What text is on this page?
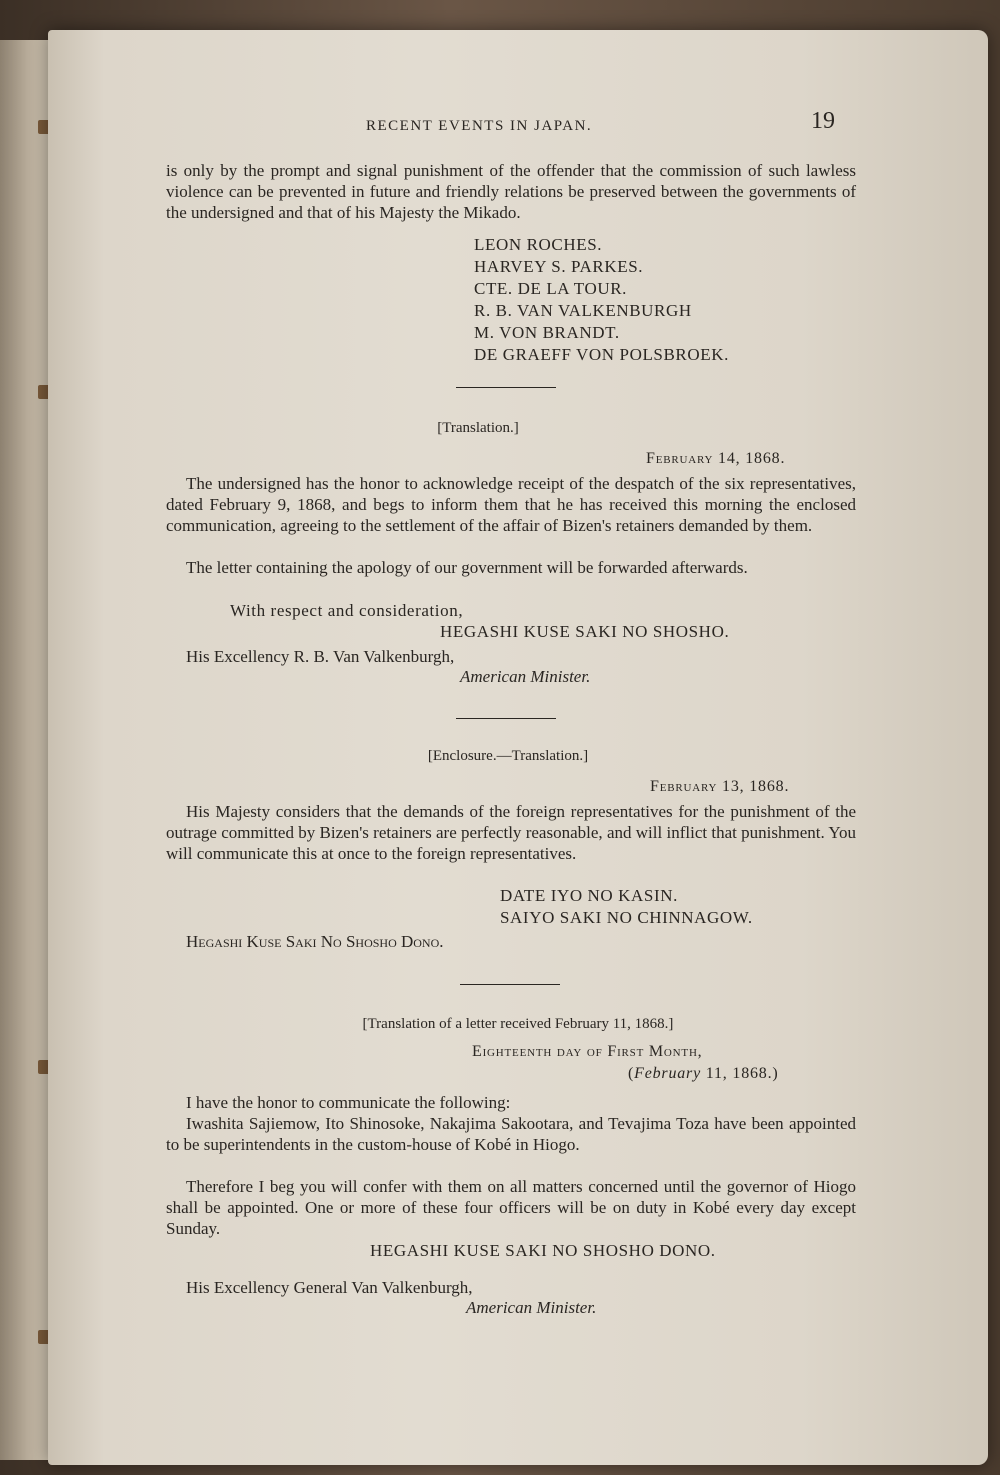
RECENT EVENTS IN JAPAN.	19

is only by the prompt and signal punishment of the offender that the commission of such lawless violence can be prevented in future and friendly relations be preserved between the governments of the undersigned and that of his Majesty the Mikado.

LEON ROCHES.
HARVEY S. PARKES.
CTE. DE LA TOUR.
R. B. VAN VALKENBURGH
M. VON BRANDT.
DE GRAEFF VON POLSBROEK.
[Translation.]
February 14, 1868.

The undersigned has the honor to acknowledge receipt of the despatch of the six representatives, dated February 9, 1868, and begs to inform them that he has received this morning the enclosed communication, agreeing to the settlement of the affair of Bizen's retainers demanded by them.

The letter containing the apology of our government will be forwarded afterwards.

With respect and consideration,
HEGASHI KUSE SAKI NO SHOSHO.
His Excellency R. B. Van Valkenburgh,
American Minister.
[Enclosure.—Translation.]
February 13, 1868.

His Majesty considers that the demands of the foreign representatives for the punishment of the outrage committed by Bizen's retainers are perfectly reasonable, and will inflict that punishment. You will communicate this at once to the foreign representatives.

DATE IYO NO KASIN.
SAIYO SAKI NO CHINNAGOW.
Hegashi Kuse Saki No Shosho Dono.
[Translation of a letter received February 11, 1868.]
Eighteenth day of First Month,
(February 11, 1868.)

I have the honor to communicate the following:

Iwashita Sajiemow, Ito Shinosoke, Nakajima Sakootara, and Tevajima Toza have been appointed to be superintendents in the custom-house of Kobé in Hiogo.

Therefore I beg you will confer with them on all matters concerned until the governor of Hiogo shall be appointed. One or more of these four officers will be on duty in Kobé every day except Sunday.

HEGASHI KUSE SAKI NO SHOSHO DONO.
His Excellency General Van Valkenburgh,
American Minister.
